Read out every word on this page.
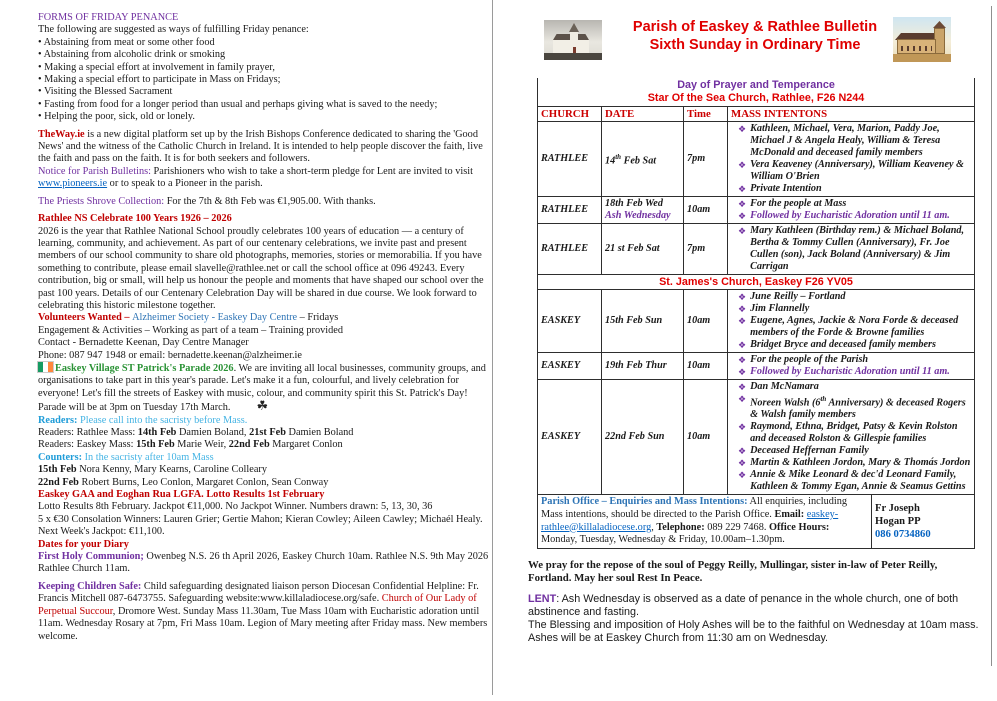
FORMS OF FRIDAY PENANCE
The following are suggested as ways of fulfilling Friday penance:
• Abstaining from meat or some other food
• Abstaining from alcoholic drink or smoking
• Making a special effort at involvement in family prayer,
• Making a special effort to participate in Mass on Fridays;
• Visiting the Blessed Sacrament
• Fasting from food for a longer period than usual and perhaps giving what is saved to the needy;
• Helping the poor, sick, old or lonely.
TheWay.ie is a new digital platform set up by the Irish Bishops Conference dedicated to sharing the 'Good News' and the witness of the Catholic Church in Ireland. It is intended to help people discover the faith, live the faith and pass on the faith. It is for both seekers and followers.
Notice for Parish Bulletins: Parishioners who wish to take a short-term pledge for Lent are invited to visit www.pioneers.ie or to speak to a Pioneer in the parish.
The Priests Shrove Collection: For the 7th & 8th Feb was €1,905.00. With thanks.
Rathlee NS Celebrate 100 Years 1926 – 2026
2026 is the year that Rathlee National School proudly celebrates 100 years of education — a century of learning, community, and achievement. As part of our centenary celebrations, we invite past and present members of our school community to share old photographs, memories, stories or memorabilia. If you have something to contribute, please email slavelle@rathlee.net or call the school office at 096 49243. Every contribution, big or small, will help us honour the people and moments that have shaped our school over the past 100 years. Details of our Centenary Celebration Day will be shared in due course. We look forward to celebrating this historic milestone together.
Volunteers Wanted – Alzheimer Society - Easkey Day Centre – Fridays
Engagement & Activities – Working as part of a team – Training provided
Contact - Bernadette Keenan, Day Centre Manager
Phone: 087 947 1948 or email: bernadette.keenan@alzheimer.ie
Easkey Village ST Patrick's Parade 2026. We are inviting all local businesses, community groups, and organisations to take part in this year's parade. Let's make it a fun, colourful, and lively celebration for everyone! Let's fill the streets of Easkey with music, colour, and community spirit this St. Patrick's Day! Parade will be at 3pm on Tuesday 17th March. ☘
Readers: Please call into the sacristy before Mass.
Readers: Rathlee Mass: 14th Feb Damien Boland, 21st Feb Damien Boland
Readers: Easkey Mass: 15th Feb Marie Weir, 22nd Feb Margaret Conlon
Counters: In the sacristy after 10am Mass
15th Feb Nora Kenny, Mary Kearns, Caroline Colleary
22nd Feb Robert Burns, Leo Conlon, Margaret Conlon, Sean Conway
Easkey GAA and Eoghan Rua LGFA. Lotto Results 1st February
Lotto Results 8th February. Jackpot €11,000. No Jackpot Winner. Numbers drawn: 5, 13, 30, 36
5 x €30 Consolation Winners: Lauren Grier; Gertie Mahon; Kieran Cowley; Aileen Cawley; Michaél Healy. Next Week's Jackpot: €11,100.
Dates for your Diary
First Holy Communion; Owenbeg N.S. 26 th April 2026, Easkey Church 10am. Rathlee N.S. 9th May 2026 Rathlee Church 11am.
Keeping Children Safe: Child safeguarding designated liaison person Diocesan Confidential Helpline: Fr. Francis Mitchell 087-6473755. Safeguarding website:www.killaladiocese.org/safe. Church of Our Lady of Perpetual Succour, Dromore West. Sunday Mass 11.30am, Tue Mass 10am with Eucharistic adoration until 11am. Wednesday Rosary at 7pm, Fri Mass 10am. Legion of Mary meeting after Friday mass. New members welcome.
Parish of Easkey & Rathlee Bulletin
Sixth Sunday in Ordinary Time
Day of Prayer and Temperance
Star Of the Sea Church, Rathlee, F26 N244				

CHURCH	DATE	Time	MASS INTENTONS	
RATHLEE	14th Feb Sat	7pm	
❖ Kathleen, Michael, Vera, Marion, Paddy Joe, Michael J & Angela Healy, William & Teresa McDonald and deceased family members
❖ Vera Keaveney (Anniversary), William Keaveney & William O'Brien
❖ Private Intention

RATHLEE	
18th Feb Wed
Ash Wednesday
	10am	❖ For the people at Mass
❖ Followed by Eucharistic Adoration until 11 am.

RATHLEE	21 st Feb Sat	7pm	❖ Mary Kathleen (Birthday rem.) & Michael Boland, Bertha & Tommy Cullen (Anniversary), Fr. Joe Cullen (son), Jack Boland (Anniversary) & Jim Carrigan	

St. James's Church, Easkey F26 YV05				
EASKEY	15th Feb Sun	10am	
❖ June Reilly – Fortland
❖ Jim Flannelly
❖ Eugene, Agnes, Jackie & Nora Forde & deceased members of the Forde & Browne families
❖ Bridget Bryce and deceased family members

EASKEY	19th Feb Thur	10am	❖ For the people of the Parish
❖ Followed by Eucharistic Adoration until 11 am.	

EASKEY	22nd Feb Sun	10am	
❖ Dan McNamara
❖ Noreen Walsh (6th Anniversary) & deceased Rogers & Walsh family members
❖ Raymond, Ethna, Bridget, Patsy & Kevin Rolston and deceased Rolston & Gillespie families
❖ Deceased Heffernan Family
❖ Martin & Kathleen Jordon, Mary & Thomás Jordon
❖ Annie & Mike Leonard & dec'd Leonard Family, Kathleen & Tommy Egan, Annie & Seamus Gettins

Parish Office – Enquiries and Mass Intentions: All enquiries, including Mass intentions, should be directed to the Parish Office. Email: easkey-rathlee@killaladiocese.org, Telephone: 089 229 7468. Office Hours: Monday, Tuesday, Wednesday & Friday, 10.00am–1.30pm.	
Fr Joseph
Hogan PP
086 0734860
We pray for the repose of the soul of Peggy Reilly, Mullingar, sister in-law of Peter Reilly, Fortland. May her soul Rest In Peace.
LENT: Ash Wednesday is observed as a date of penance in the whole church, one of both abstinence and fasting.
The Blessing and imposition of Holy Ashes will be to the faithful on Wednesday at 10am mass.
Ashes will be at Easkey Church from 11:30 am on Wednesday.
